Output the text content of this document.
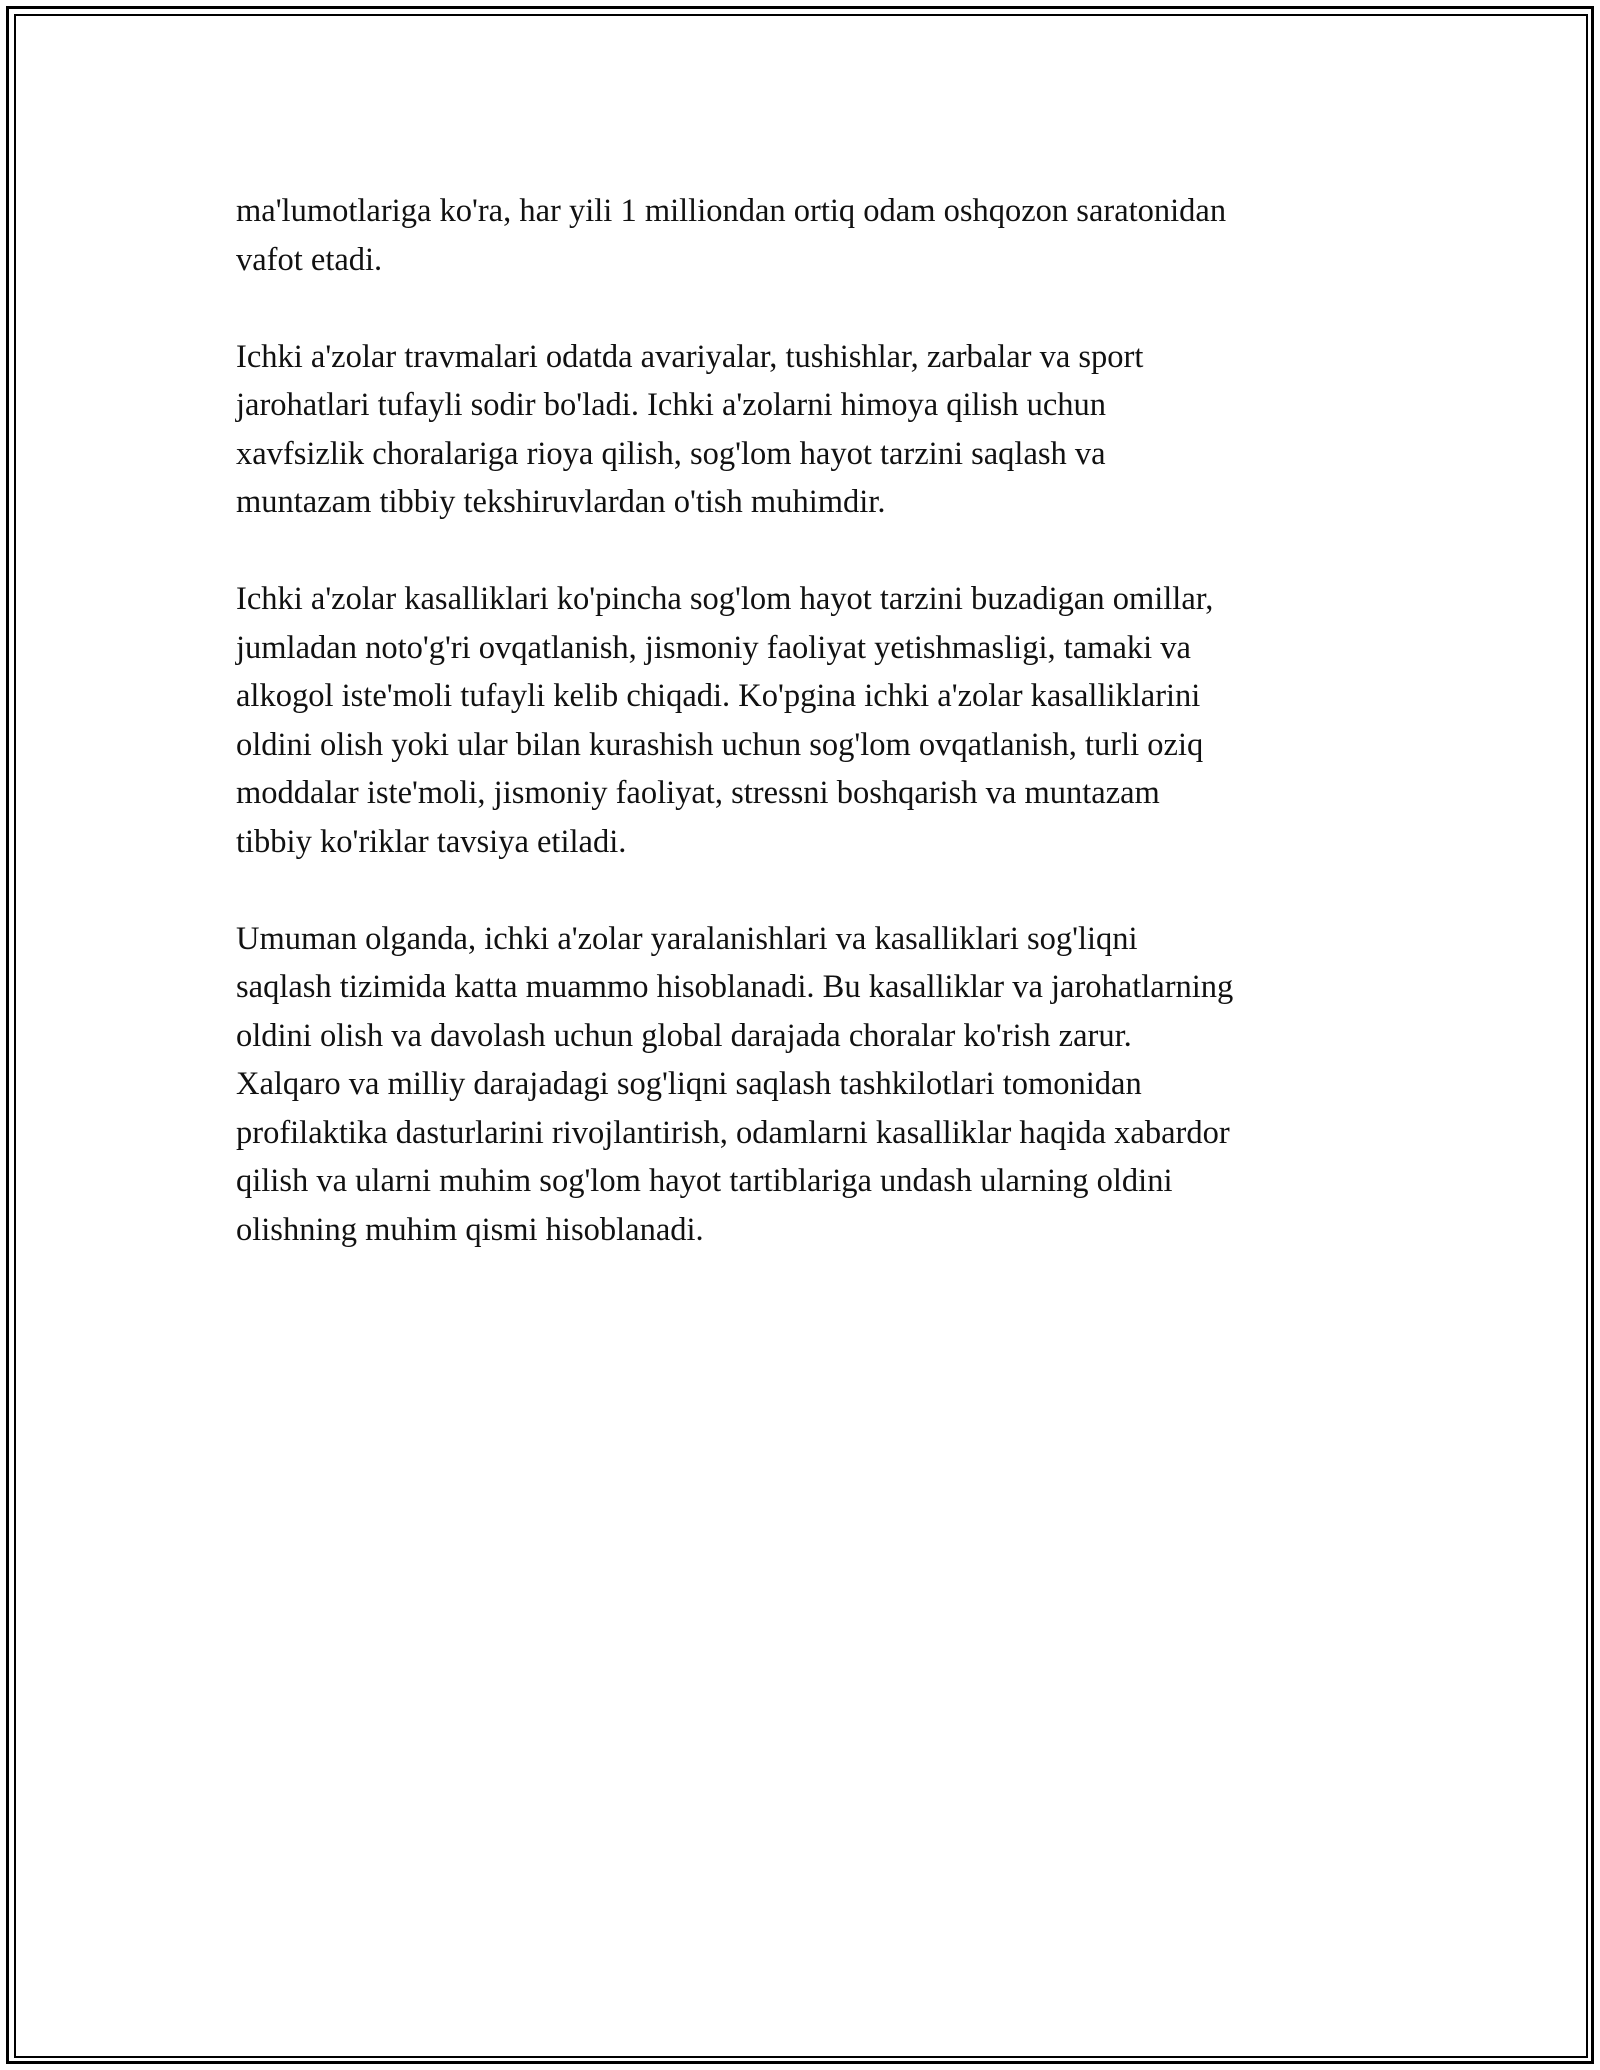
ma'lumotlariga ko'ra, har yili 1 milliondan ortiq odam oshqozon saratonidan
vafot etadi.

Ichki a'zolar travmalari odatda avariyalar, tushishlar, zarbalar va sport
jarohatlari tufayli sodir bo'ladi. Ichki a'zolarni himoya qilish uchun
xavfsizlik choralariga rioya qilish, sog'lom hayot tarzini saqlash va
muntazam tibbiy tekshiruvlardan o'tish muhimdir.

Ichki a'zolar kasalliklari ko'pincha sog'lom hayot tarzini buzadigan omillar,
jumladan noto'g'ri ovqatlanish, jismoniy faoliyat yetishmasligi, tamaki va
alkogol iste'moli tufayli kelib chiqadi. Ko'pgina ichki a'zolar kasalliklarini
oldini olish yoki ular bilan kurashish uchun sog'lom ovqatlanish, turli oziq
moddalar iste'moli, jismoniy faoliyat, stressni boshqarish va muntazam
tibbiy ko'riklar tavsiya etiladi.

Umuman olganda, ichki a'zolar yaralanishlari va kasalliklari sog'liqni
saqlash tizimida katta muammo hisoblanadi. Bu kasalliklar va jarohatlarning
oldini olish va davolash uchun global darajada choralar ko'rish zarur.
Xalqaro va milliy darajadagi sog'liqni saqlash tashkilotlari tomonidan
profilaktika dasturlarini rivojlantirish, odamlarni kasalliklar haqida xabardor
qilish va ularni muhim sog'lom hayot tartiblariga undash ularning oldini
olishning muhim qismi hisoblanadi.
